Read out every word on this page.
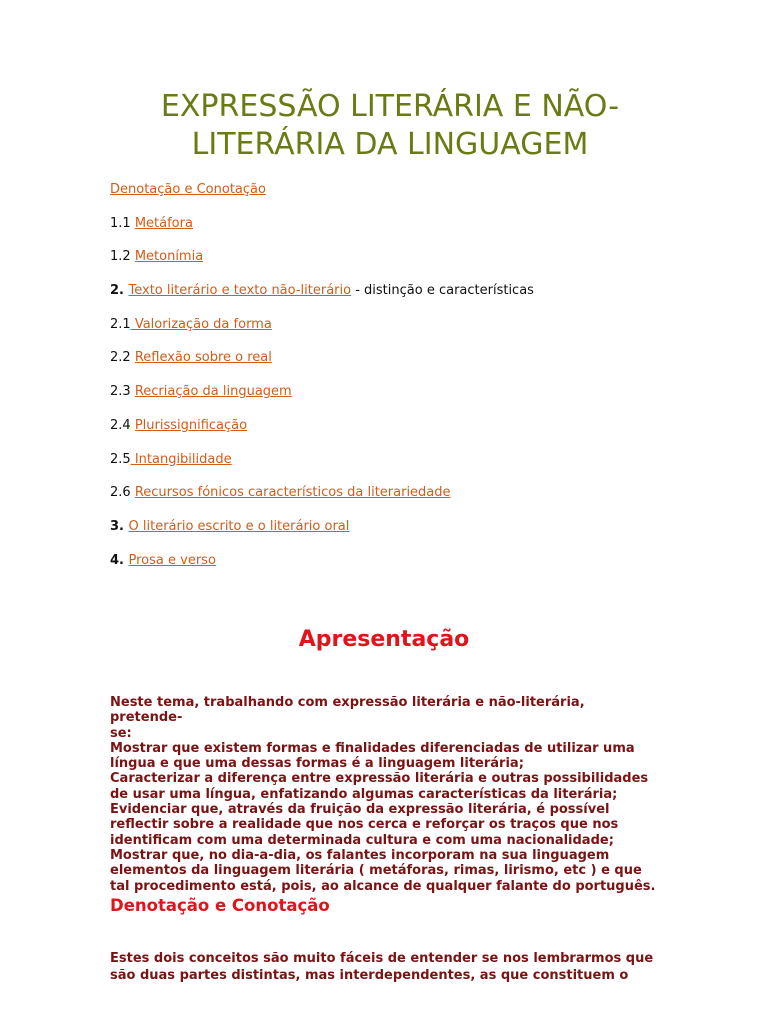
EXPRESSÃO LITERÁRIA E NÃO-
LITERÁRIA DA LINGUAGEM
Denotação e Conotação
1.1 Metáfora
1.2 Metonímia
2. Texto literário e texto não-literário - distinção e características
2.1 Valorização da forma
2.2 Reflexão sobre o real
2.3 Recriação da linguagem
2.4 Plurissignificação
2.5 Intangibilidade
2.6 Recursos fónicos característicos da literariedade
3. O literário escrito e o literário oral
4. Prosa e verso
Apresentação

Neste tema, trabalhando com expressão literária e não-literária, pretende-
se:
Mostrar que existem formas e finalidades diferenciadas de utilizar uma
língua e que uma dessas formas é a linguagem literária;
Caracterizar a diferença entre expressão literária e outras possibilidades
de usar uma língua, enfatizando algumas características da literária;
Evidenciar que, através da fruição da expressão literária, é possível
reflectir sobre a realidade que nos cerca e reforçar os traços que nos
identificam com uma determinada cultura e com uma nacionalidade;
Mostrar que, no dia-a-dia, os falantes incorporam na sua linguagem
elementos da linguagem literária ( metáforas, rimas, lirismo, etc ) e que
tal procedimento está, pois, ao alcance de qualquer falante do português.

Denotação e Conotação

Estes dois conceitos são muito fáceis de entender se nos lembrarmos que
são duas partes distintas, mas interdependentes, as que constituem o
